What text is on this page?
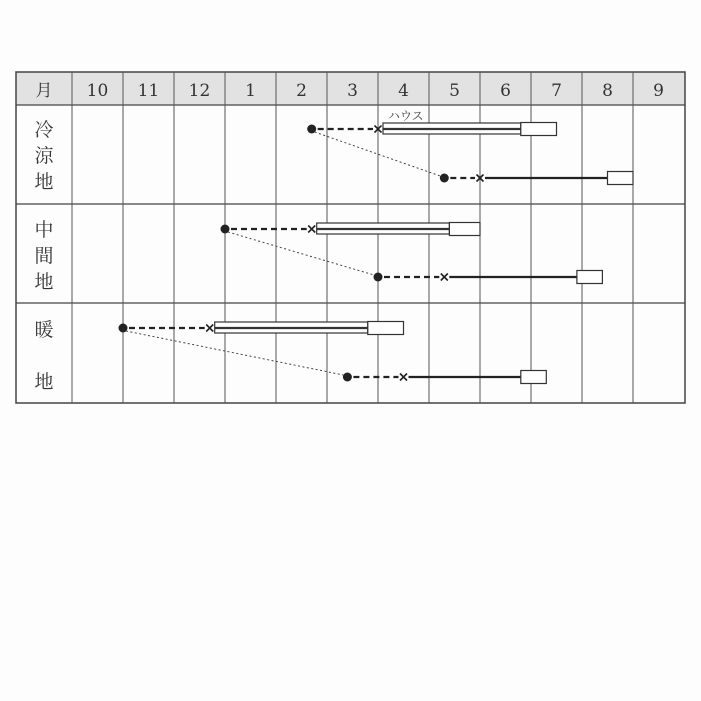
月 10 11 12 1 2 3 4 5 6 7 8 9
冷
涼
地
中
間
地
暖
地
ハウス
